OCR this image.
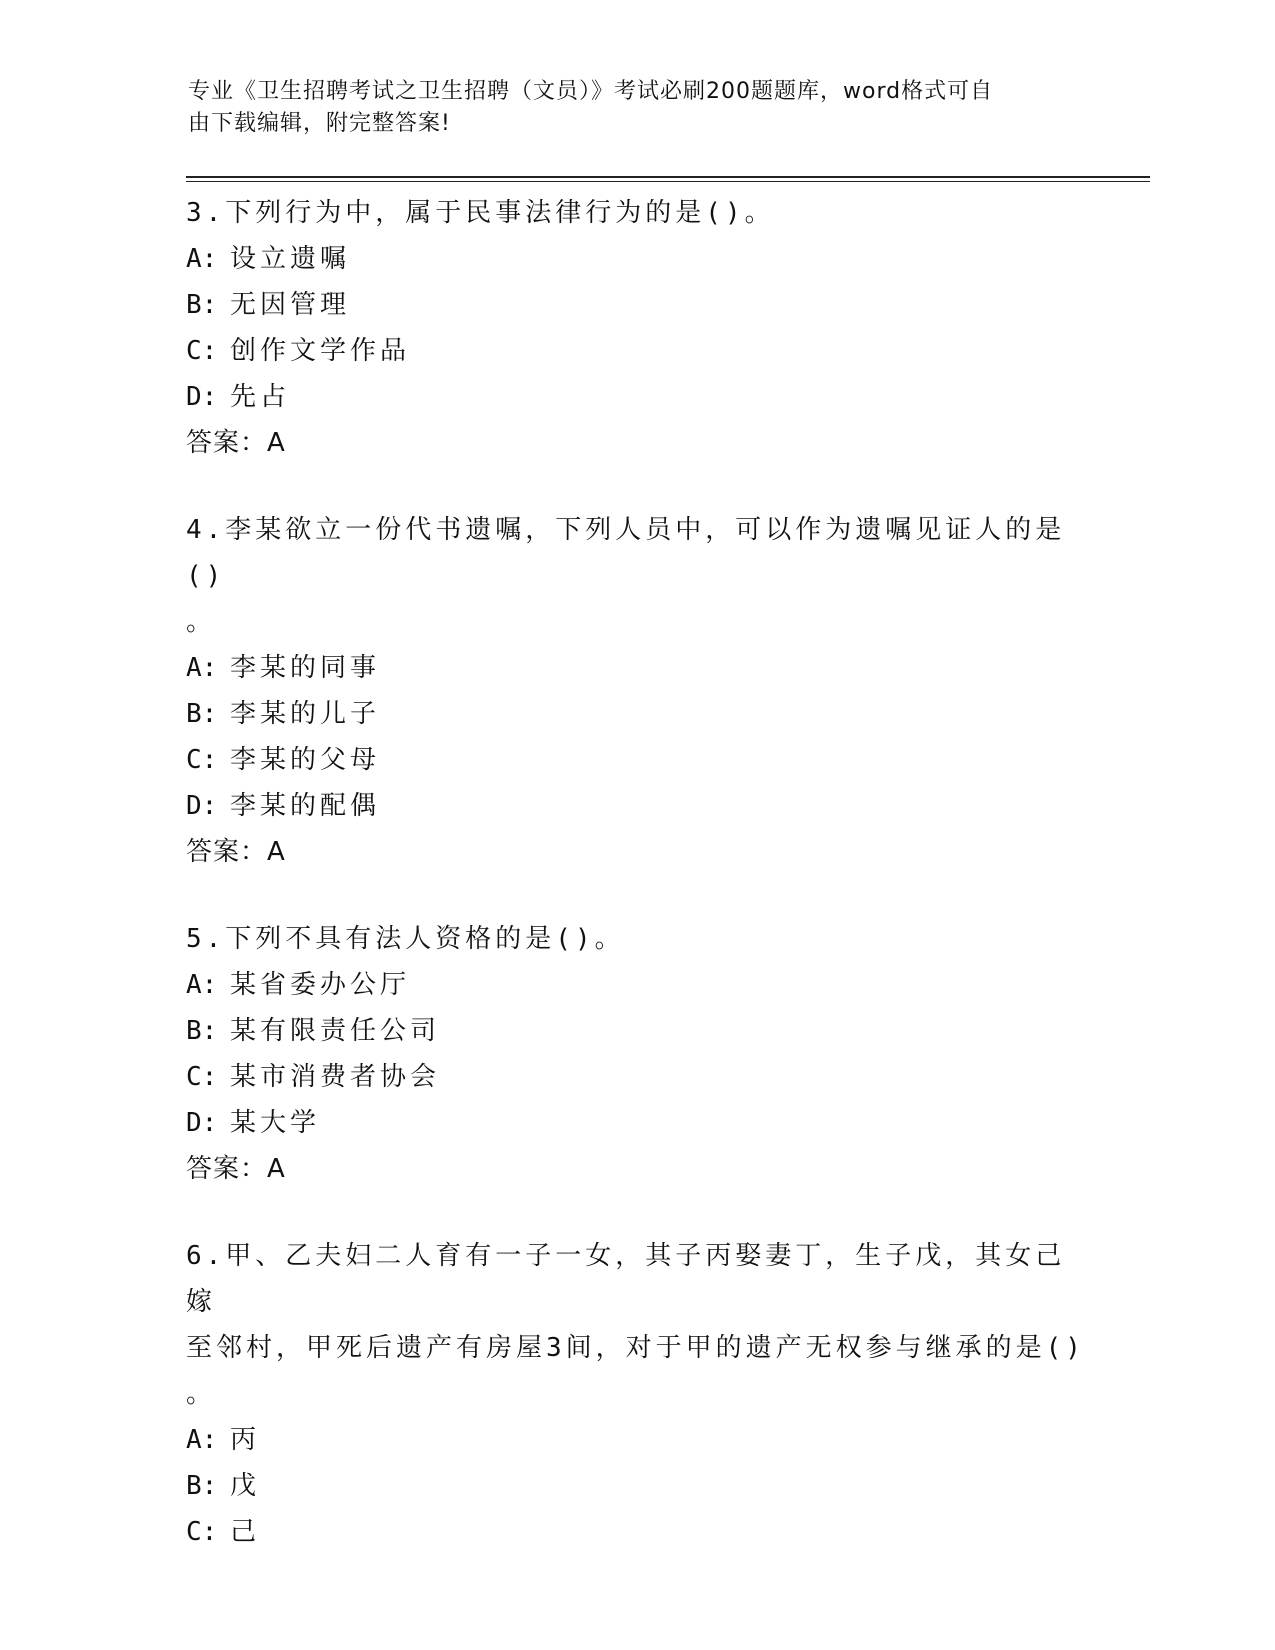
专业《卫生招聘考试之卫生招聘（文员）》考试必刷200题题库，word格式可自
由下载编辑，附完整答案!
3.下列行为中，属于民事法律行为的是()。
A: 设立遗嘱
B: 无因管理
C: 创作文学作品
D: 先占
答案：A
4.李某欲立一份代书遗嘱，下列人员中，可以作为遗嘱见证人的是()
。
A: 李某的同事
B: 李某的儿子
C: 李某的父母
D: 李某的配偶
答案：A
5.下列不具有法人资格的是()。
A: 某省委办公厅
B: 某有限责任公司
C: 某市消费者协会
D: 某大学
答案：A
6.甲、乙夫妇二人育有一子一女，其子丙娶妻丁，生子戊，其女己嫁
至邻村，甲死后遗产有房屋3间，对于甲的遗产无权参与继承的是()
。
A: 丙
B: 戊
C: 己
